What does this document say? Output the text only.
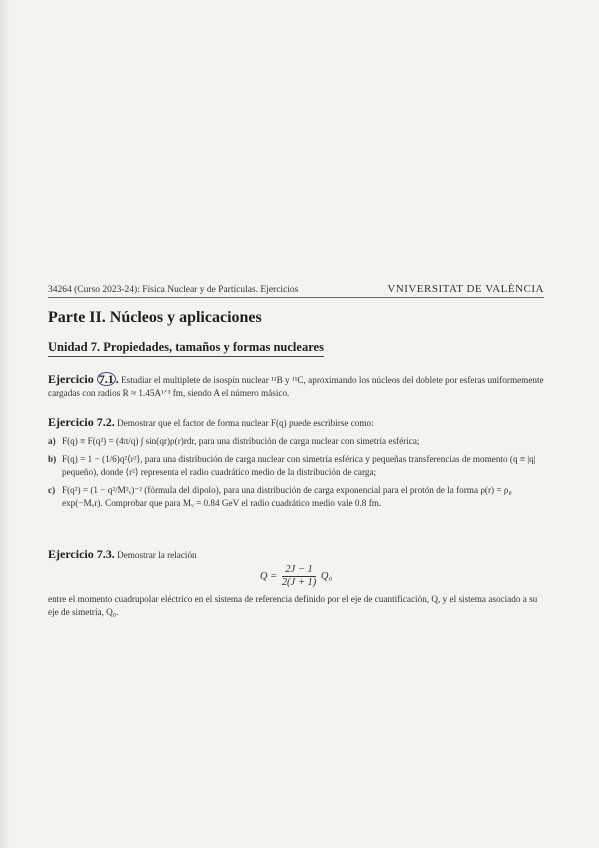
34264 (Curso 2023-24): Física Nuclear y de Partículas. Ejercicios	VNIVERSITAT DE VALÈNCIA
Parte II. Núcleos y aplicaciones
Unidad 7. Propiedades, tamaños y formas nucleares
Ejercicio 7.1 . Estudiar el multiplete de isospín nuclear ¹¹B y ¹¹C, aproximando los núcleos del doblete por esferas uniformemente cargadas con radios R ≈ 1.45A¹ᐟ³ fm, siendo A el número másico.
Ejercicio 7.2. Demostrar que el factor de forma nuclear F(q) puede escribirse como:
a) F(q) ≡ F(q²) = (4π/q) ∫ sin(qr)ρ(r)rdr, para una distribución de carga nuclear con simetría esférica;
b) F(q) = 1 − (1/6)q²⟨r²⟩, para una distribución de carga nuclear con simetría esférica y pequeñas transferencias de momento (q ≡ |q| pequeño), donde ⟨r²⟩ representa el radio cuadrático medio de la distribución de carga;
c) F(q²) = (1 − q²/M²ᵥ)⁻² (fórmula del dipolo), para una distribución de carga exponencial para el protón de la forma ρ(r) = ρ₀ exp(−Mᵥr). Comprobar que para Mᵥ = 0.84 GeV el radio cuadrático medio vale 0.8 fm.
Ejercicio 7.3. Demostrar la relación
$Q = \frac{2J - 1}{2(J + 1)} Q_0$
entre el momento cuadrupolar eléctrico en el sistema de referencia definido por el eje de cuantificación, Q, y el sistema asociado a su eje de simetría, Q₀.
